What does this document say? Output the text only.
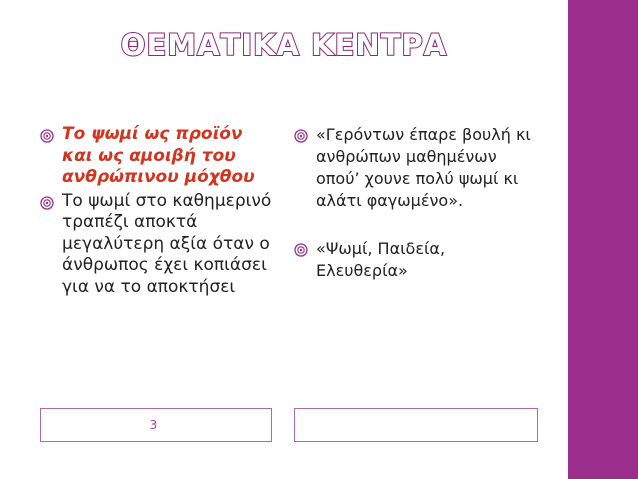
ΘΕΜΑΤΙΚΑ ΚΕΝΤΡΑ
Το ψωμί ως προϊόν και ως αμοιβή του ανθρώπινου μόχθου
Το ψωμί στο καθημερινό τραπέζι αποκτά μεγαλύτερη αξία όταν ο άνθρωπος έχει κοπιάσει για να το αποκτήσει
«Γερόντων έπαρε βουλή κι ανθρώπων μαθημένων οπού’ χουνε πολύ ψωμί κι αλάτι φαγωμένο».
«Ψωμί, Παιδεία, Ελευθερία»
3
